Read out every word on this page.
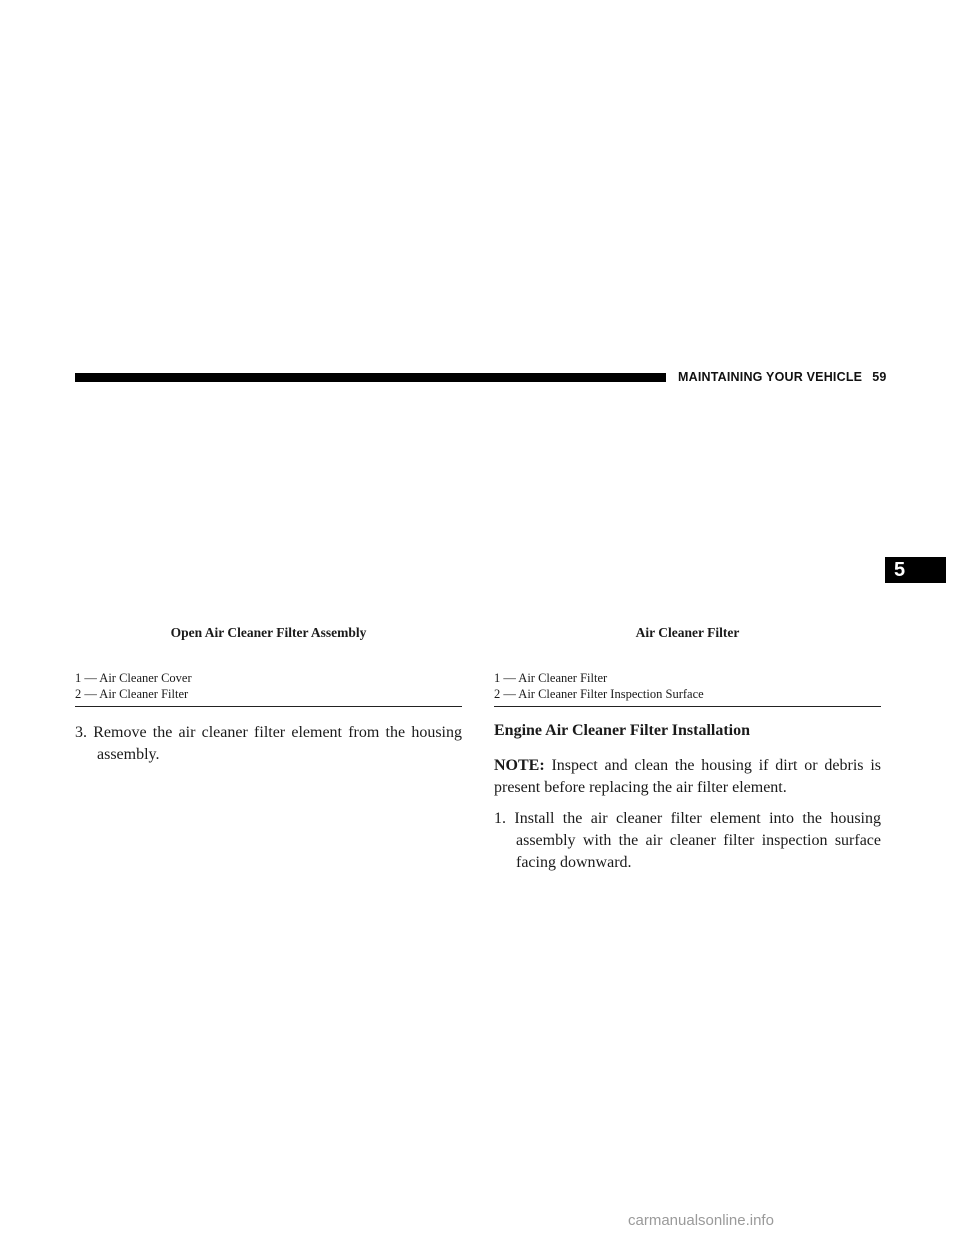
MAINTAINING YOUR VEHICLE 59
5
Open Air Cleaner Filter Assembly	Air Cleaner Filter
1 — Air Cleaner Cover
2 — Air Cleaner Filter
1 — Air Cleaner Filter
2 — Air Cleaner Filter Inspection Surface
3. Remove the air cleaner filter element from the housing assembly.
Engine Air Cleaner Filter Installation
NOTE: Inspect and clean the housing if dirt or debris is present before replacing the air filter element.
1. Install the air cleaner filter element into the housing assembly with the air cleaner filter inspection surface facing downward.
carmanualsonline.info
